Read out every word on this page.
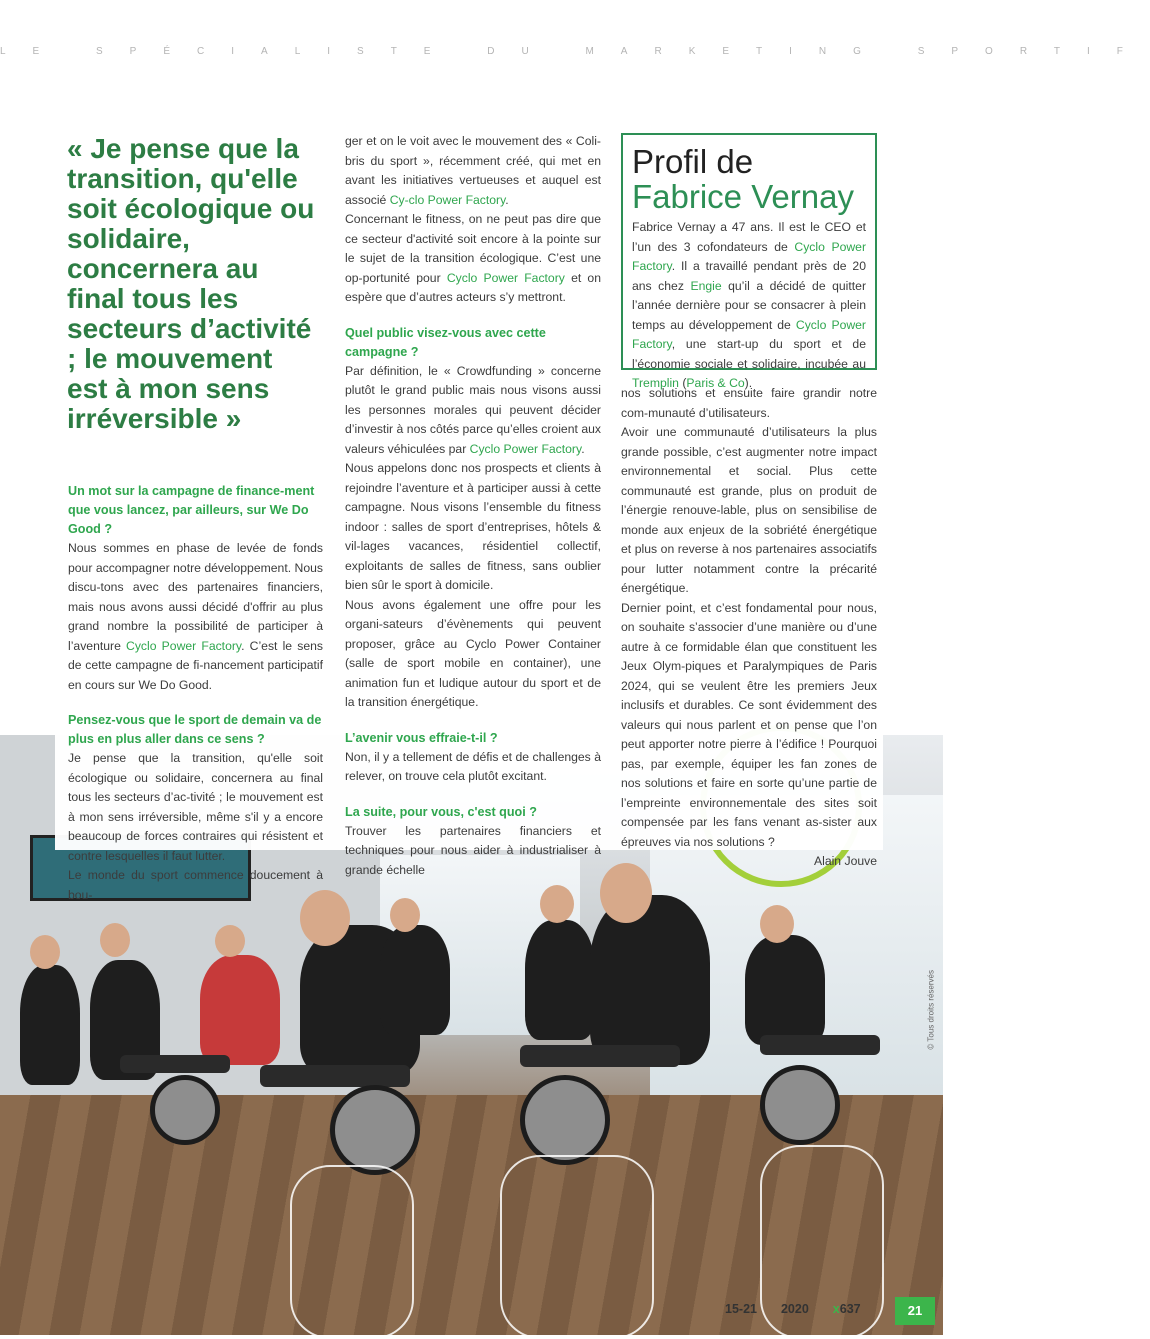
LE SPÉCIALISTE DU MARKETING SPORTIF
© Tous droits réservés
« Je pense que la transition, qu'elle soit écologique ou solidaire, concernera au final tous les secteurs d’activité ; le mouvement est à mon sens irréversible »
Un mot sur la campagne de finance-ment que vous lancez, par ailleurs, sur We Do Good ?

Nous sommes en phase de levée de fonds pour accompagner notre développement. Nous discu-tons avec des partenaires financiers, mais nous avons aussi décidé d'offrir au plus grand nombre la possibilité de participer à l’aventure Cyclo Power Factory. C’est le sens de cette campagne de fi-nancement participatif en cours sur We Do Good.

Pensez-vous que le sport de demain va de plus en plus aller dans ce sens ?

Je pense que la transition, qu'elle soit écologique ou solidaire, concernera au final tous les secteurs d’ac-tivité ; le mouvement est à mon sens irréversible, même s'il y a encore beaucoup de forces contraires qui résistent et contre lesquelles il faut lutter.

Le monde du sport commence doucement à bou-

ger et on le voit avec le mouvement des « Coli-bris du sport », récemment créé, qui met en avant les initiatives vertueuses et auquel est associé Cy-clo Power Factory.

Concernant le fitness, on ne peut pas dire que ce secteur d'activité soit encore à la pointe sur le sujet de la transition écologique. C’est une op-portunité pour Cyclo Power Factory et on espère que d’autres acteurs s’y mettront.

Quel public visez-vous avec cette campagne ?

Par définition, le « Crowdfunding » concerne plutôt le grand public mais nous visons aussi les personnes morales qui peuvent décider d’investir à nos côtés parce qu’elles croient aux valeurs véhiculées par Cyclo Power Factory.

Nous appelons donc nos prospects et clients à rejoindre l’aventure et à participer aussi à cette campagne. Nous visons l’ensemble du fitness indoor : salles de sport d’entreprises, hôtels & vil-lages vacances, résidentiel collectif, exploitants de salles de fitness, sans oublier bien sûr le sport à domicile.

Nous avons également une offre pour les organi-sateurs d’évènements qui peuvent proposer, grâce au Cyclo Power Container (salle de sport mobile en container), une animation fun et ludique autour du sport et de la transition énergétique.

L’avenir vous effraie-t-il ?

Non, il y a tellement de défis et de challenges à relever, on trouve cela plutôt excitant.

La suite, pour vous, c'est quoi ?

Trouver les partenaires financiers et techniques pour nous aider à industrialiser à grande échelle

Profil de
Fabrice Vernay

Fabrice Vernay a 47 ans. Il est le CEO et l’un des 3 cofondateurs de Cyclo Power Factory. Il a travaillé pendant près de 20 ans chez Engie qu’il a décidé de quitter l’année dernière pour se consacrer à plein temps au développement de Cyclo Power Factory, une start-up du sport et de l’économie sociale et solidaire, incubée au Tremplin (Paris & Co).

nos solutions et ensuite faire grandir notre com-munauté d’utilisateurs.

Avoir une communauté d’utilisateurs la plus grande possible, c’est augmenter notre impact environnemental et social. Plus cette communauté est grande, plus on produit de l’énergie renouve-lable, plus on sensibilise de monde aux enjeux de la sobriété énergétique et plus on reverse à nos partenaires associatifs pour lutter notamment contre la précarité énergétique.

Dernier point, et c’est fondamental pour nous, on souhaite s’associer d’une manière ou d’une autre à ce formidable élan que constituent les Jeux Olym-piques et Paralympiques de Paris 2024, qui se veulent être les premiers Jeux inclusifs et durables. Ce sont évidemment des valeurs qui nous parlent et on pense que l’on peut apporter notre pierre à l’édifice ! Pourquoi pas, par exemple, équiper les fan zones de nos solutions et faire en sorte qu’une partie de l’empreinte environnementale des sites soit compensée par les fans venant as-sister aux épreuves via nos solutions ?

Alain Jouve

15-21 2020 x637	21
